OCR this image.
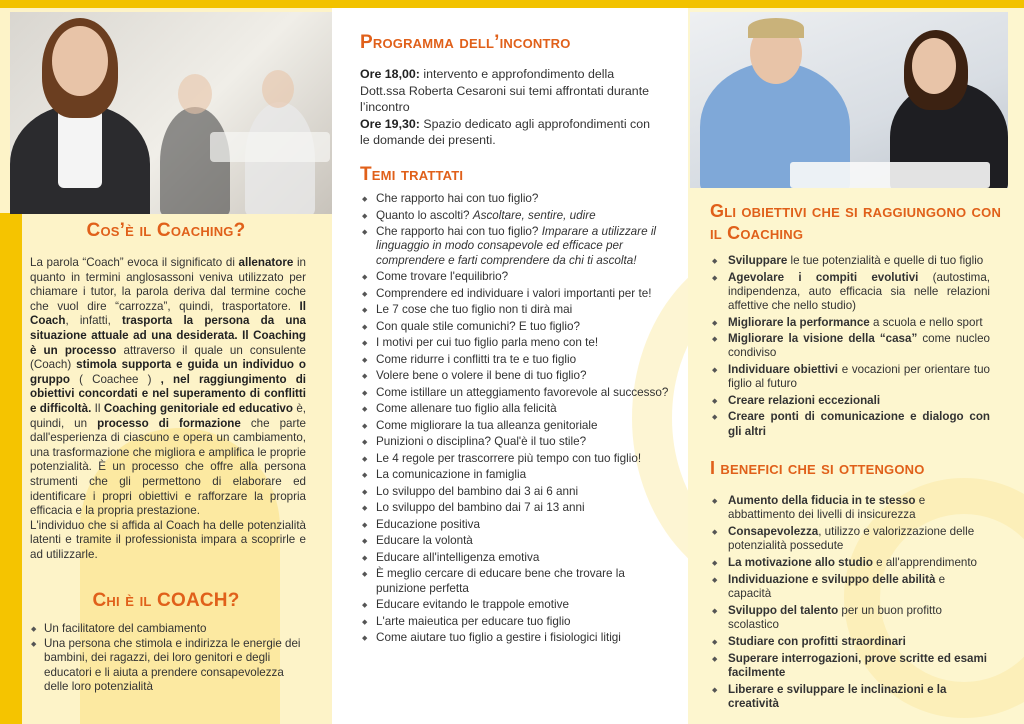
Cos’è il Coaching?
La parola “Coach” evoca il significato di allenatore in quanto in termini anglosassoni veniva utilizzato per chiamare i tutor, la parola deriva dal termine coche che vuol dire “carrozza”, quindi, trasportatore. Il Coach, infatti, trasporta la persona da una situazione attuale ad una desiderata. Il Coaching è un processo attraverso il quale un consulente (Coach) stimola supporta e guida un individuo o gruppo ( Coachee ) , nel raggiungimento di obiettivi concordati e nel superamento di conflitti e difficoltà. Il Coaching genitoriale ed educativo è, quindi, un processo di formazione che parte dall'esperienza di ciascuno e opera un cambiamento, una trasformazione che migliora e amplifica le proprie potenzialità. È un processo che offre alla persona strumenti che gli permettono di elaborare ed identificare i propri obiettivi e rafforzare la propria efficacia e la propria prestazione.
L'individuo che si affida al Coach ha delle potenzialità latenti e tramite il professionista impara a scoprirle e ad utilizzarle.
Chi è il COACH?
◆ Un facilitatore del cambiamento
◆ Una persona che stimola e indirizza le energie dei bambini, dei ragazzi, dei loro genitori e degli educatori e li aiuta a prendere consapevolezza delle loro potenzialità
Programma dell’incontro
Ore 18,00: intervento e approfondimento della Dott.ssa Roberta Cesaroni sui temi affrontati durante l’incontro
Ore 19,30: Spazio dedicato agli approfondimenti con le domande dei presenti.
Temi trattati
◆ Che rapporto hai con tuo figlio?
◆ Quanto lo ascolti? Ascoltare, sentire, udire
◆ Che rapporto hai con tuo figlio? Imparare a utilizzare il linguaggio in modo consapevole ed efficace per comprendere e farti comprendere da chi ti ascolta!
◆ Come trovare l'equilibrio?
◆ Comprendere ed individuare i valori importanti per te!
◆ Le 7 cose che tuo figlio non ti dirà mai
◆ Con quale stile comunichi? E tuo figlio?
◆ I motivi per cui tuo figlio parla meno con te!
◆ Come ridurre i conflitti tra te e tuo figlio
◆ Volere bene o volere il bene di tuo figlio?
◆ Come istillare un atteggiamento favorevole al successo?
◆ Come allenare tuo figlio alla felicità
◆ Come migliorare la tua alleanza genitoriale
◆ Punizioni o disciplina? Qual'è il tuo stile?
◆ Le 4 regole per trascorrere più tempo con tuo figlio!
◆ La comunicazione in famiglia
◆ Lo sviluppo del bambino dai 3 ai 6 anni
◆ Lo sviluppo del bambino dai 7 ai 13 anni
◆ Educazione positiva
◆ Educare la volontà
◆ Educare all'intelligenza emotiva
◆ È meglio cercare di educare bene che trovare la punizione perfetta
◆ Educare evitando le trappole emotive
◆ L'arte maieutica per educare tuo figlio
◆ Come aiutare tuo figlio a gestire i fisiologici litigi
Gli obiettivi che si raggiungono con il Coaching
◆ Sviluppare le tue potenzialità e quelle di tuo figlio
◆ Agevolare i compiti evolutivi (autostima, indipendenza, auto efficacia sia nelle relazioni affettive che nello studio)
◆ Migliorare la performance a scuola e nello sport
◆ Migliorare la visione della “casa” come nucleo condiviso
◆ Individuare obiettivi e vocazioni per orientare tuo figlio al futuro
◆ Creare relazioni eccezionali
◆ Creare ponti di comunicazione e dialogo con gli altri
I benefici che si ottengono
◆ Aumento della fiducia in te stesso e abbattimento dei livelli di insicurezza
◆ Consapevolezza, utilizzo e valorizzazione delle potenzialità possedute
◆ La motivazione allo studio e all'apprendimento
◆ Individuazione e sviluppo delle abilità e capacità
◆ Sviluppo del talento per un buon profitto scolastico
◆ Studiare con profitti straordinari
◆ Superare interrogazioni, prove scritte ed esami facilmente
◆ Liberare e sviluppare le inclinazioni e la creatività
